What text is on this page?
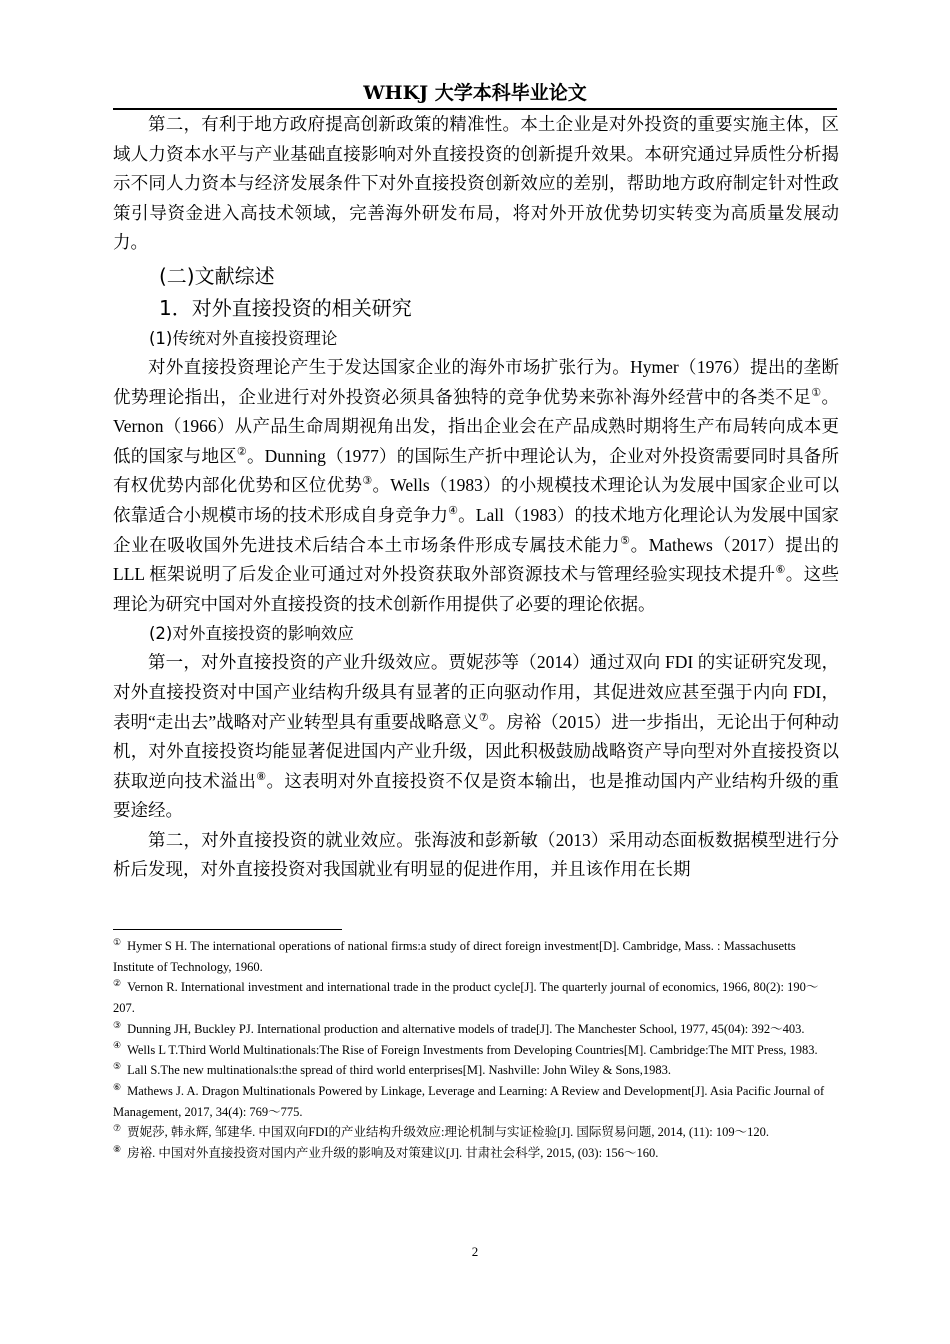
WHKJ 大学本科毕业论文

第二，有利于地方政府提高创新政策的精准性。本土企业是对外投资的重要实施主体，区域人力资本水平与产业基础直接影响对外直接投资的创新提升效果。本研究通过异质性分析揭示不同人力资本与经济发展条件下对外直接投资创新效应的差别，帮助地方政府制定针对性政策引导资金进入高技术领域，完善海外研发布局，将对外开放优势切实转变为高质量发展动力。

(二)文献综述
1．对外直接投资的相关研究
(1)传统对外直接投资理论

对外直接投资理论产生于发达国家企业的海外市场扩张行为。Hymer（1976）提出的垄断优势理论指出，企业进行对外投资必须具备独特的竞争优势来弥补海外经营中的各类不足①。Vernon（1966）从产品生命周期视角出发，指出企业会在产品成熟时期将生产布局转向成本更低的国家与地区②。Dunning（1977）的国际生产折中理论认为，企业对外投资需要同时具备所有权优势内部化优势和区位优势③。Wells（1983）的小规模技术理论认为发展中国家企业可以依靠适合小规模市场的技术形成自身竞争力④。Lall（1983）的技术地方化理论认为发展中国家企业在吸收国外先进技术后结合本土市场条件形成专属技术能力⑤。Mathews（2017）提出的 LLL 框架说明了后发企业可通过对外投资获取外部资源技术与管理经验实现技术提升⑥。这些理论为研究中国对外直接投资的技术创新作用提供了必要的理论依据。

(2)对外直接投资的影响效应

第一，对外直接投资的产业升级效应。贾妮莎等（2014）通过双向 FDI 的实证研究发现，对外直接投资对中国产业结构升级具有显著的正向驱动作用，其促进效应甚至强于内向 FDI，表明“走出去”战略对产业转型具有重要战略意义⑦。房裕（2015）进一步指出，无论出于何种动机，对外直接投资均能显著促进国内产业升级，因此积极鼓励战略资产导向型对外直接投资以获取逆向技术溢出⑧。这表明对外直接投资不仅是资本输出，也是推动国内产业结构升级的重要途经。

第二，对外直接投资的就业效应。张海波和彭新敏（2013）采用动态面板数据模型进行分析后发现，对外直接投资对我国就业有明显的促进作用，并且该作用在长期

① Hymer S H. The international operations of national firms:a study of direct foreign investment[D]. Cambridge, Mass. : Massachusetts Institute of Technology, 1960.

② Vernon R. International investment and international trade in the product cycle[J]. The quarterly journal of economics, 1966, 80(2): 190～207.

③ Dunning JH, Buckley PJ. International production and alternative models of trade[J]. The Manchester School, 1977, 45(04): 392～403.

④ Wells L T.Third World Multinationals:The Rise of Foreign Investments from Developing Countries[M]. Cambridge:The MIT Press, 1983.

⑤ Lall S.The new multinationals:the spread of third world enterprises[M]. Nashville: John Wiley & Sons,1983.

⑥ Mathews J. A. Dragon Multinationals Powered by Linkage, Leverage and Learning: A Review and Development[J]. Asia Pacific Journal of Management, 2017, 34(4): 769～775.

⑦ 贾妮莎, 韩永辉, 邹建华. 中国双向FDI的产业结构升级效应:理论机制与实证检验[J]. 国际贸易问题, 2014, (11): 109～120.

⑧ 房裕. 中国对外直接投资对国内产业升级的影响及对策建议[J]. 甘肃社会科学, 2015, (03): 156～160.

2
